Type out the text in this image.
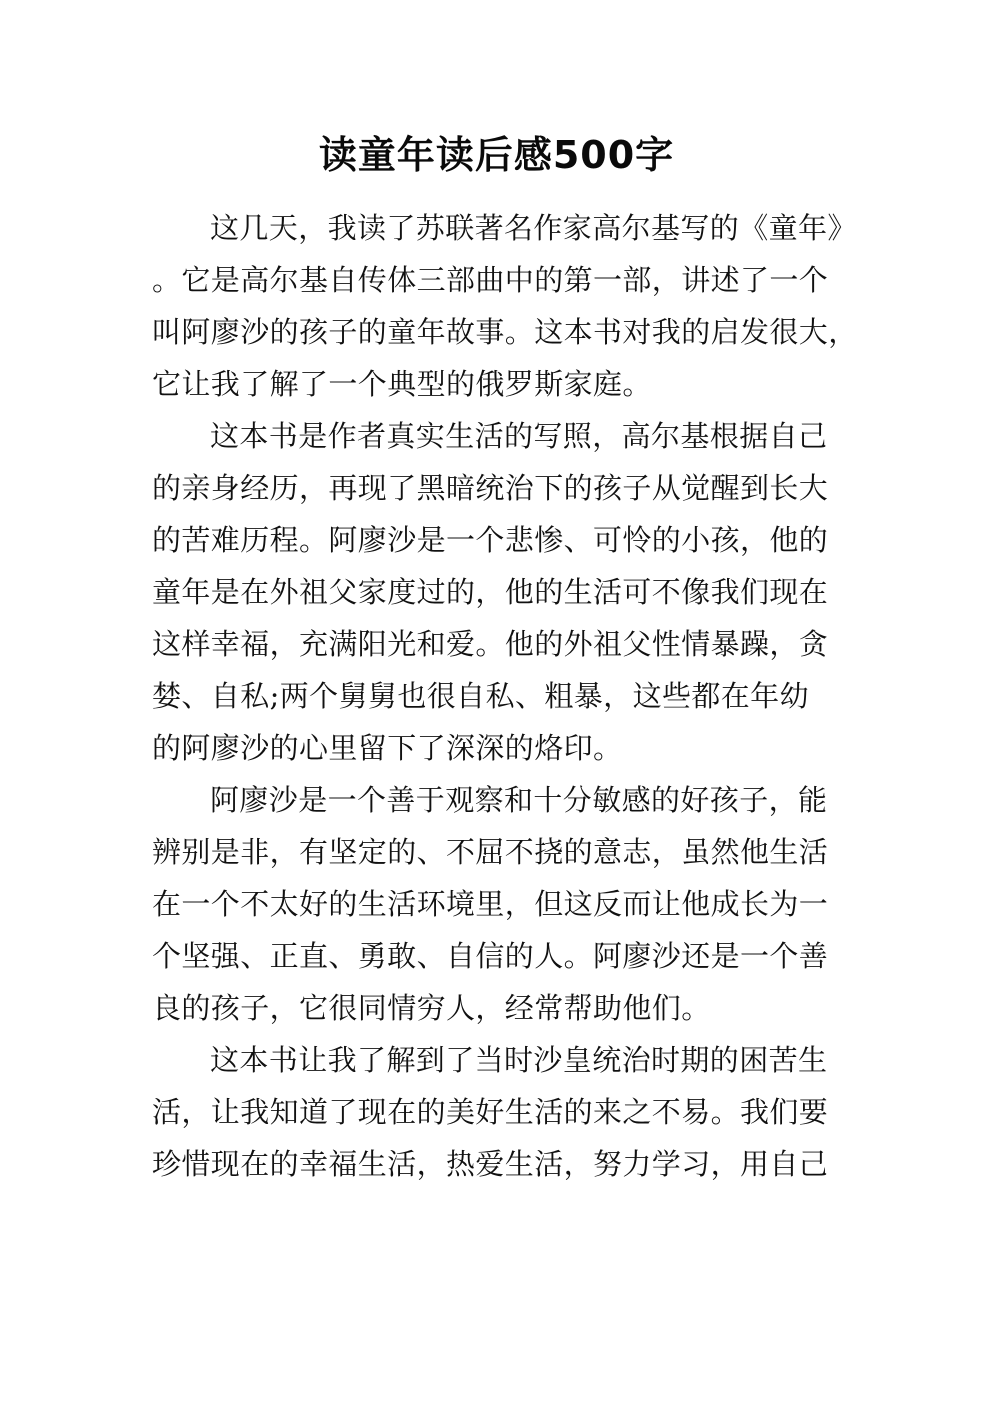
读童年读后感500字
这几天，我读了苏联著名作家高尔基写的《童年》
。它是高尔基自传体三部曲中的第一部，讲述了一个
叫阿廖沙的孩子的童年故事。这本书对我的启发很大，
它让我了解了一个典型的俄罗斯家庭。
这本书是作者真实生活的写照，高尔基根据自己
的亲身经历，再现了黑暗统治下的孩子从觉醒到长大
的苦难历程。阿廖沙是一个悲惨、可怜的小孩，他的
童年是在外祖父家度过的，他的生活可不像我们现在
这样幸福，充满阳光和爱。他的外祖父性情暴躁，贪
婪、自私;两个舅舅也很自私、粗暴，这些都在年幼
的阿廖沙的心里留下了深深的烙印。
阿廖沙是一个善于观察和十分敏感的好孩子，能
辨别是非，有坚定的、不屈不挠的意志，虽然他生活
在一个不太好的生活环境里，但这反而让他成长为一
个坚强、正直、勇敢、自信的人。阿廖沙还是一个善
良的孩子，它很同情穷人，经常帮助他们。
这本书让我了解到了当时沙皇统治时期的困苦生
活，让我知道了现在的美好生活的来之不易。我们要
珍惜现在的幸福生活，热爱生活，努力学习，用自己
